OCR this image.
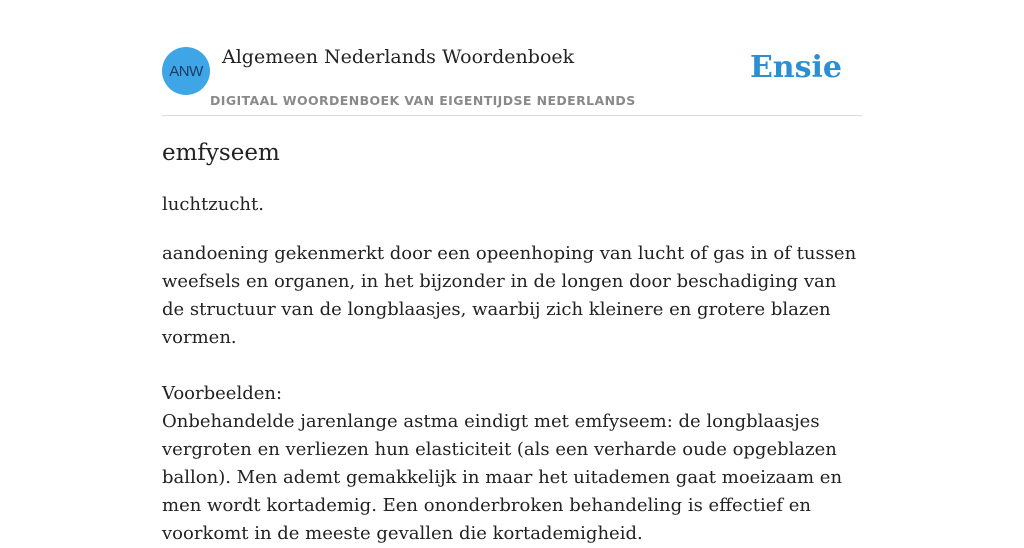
ANW
Algemeen Nederlands Woordenboek
DIGITAAL WOORDENBOEK VAN EIGENTIJDSE NEDERLANDS
Ensie
emfyseem

luchtzucht.

aandoening gekenmerkt door een opeenhoping van lucht of gas in of tussen weefsels en organen, in het bijzonder in de longen door beschadiging van de structuur van de longblaasjes, waarbij zich kleinere en grotere blazen vormen.

Voorbeelden:

Onbehandelde jarenlange astma eindigt met emfyseem: de longblaasjes vergroten en verliezen hun elasticiteit (als een verharde oude opgeblazen ballon). Men ademt gemakkelijk in maar het uitademen gaat moeizaam en men wordt kortademig. Een ononderbroken behandeling is effectief en voorkomt in de meeste gevallen die kortademigheid.
